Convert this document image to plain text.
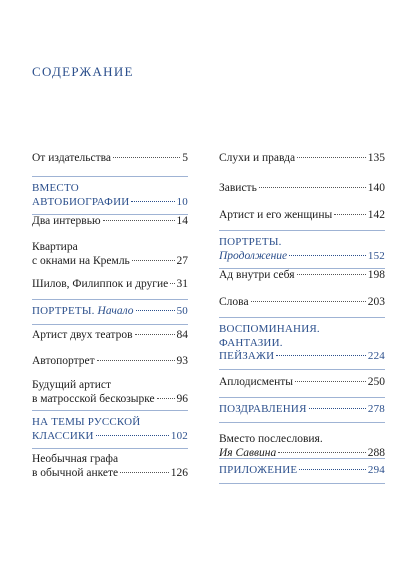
содержание
От издательства	5
ВМЕСТО
АВТОБИОГРАФИИ	10
Два интервью	14
Квартира
с окнами на Кремль	27
Шилов, Филиппок и другие 31
ПОРТРЕТЫ. Начало	50
Артист двух театров	84
Автопортрет	93
Будущий артист
в матросской бескозырке 96
НА ТЕМЫ РУССКОЙ
КЛАССИКИ	102
Необычная графа
в обычной анкете	126
Слухи и правда	135
Зависть	140
Артист и его женщины	142
ПОРТРЕТЫ.
Продолжение	152
Ад внутри себя	198
Слова	203
ВОСПОМИНАНИЯ.
ФАНТАЗИИ.
ПЕЙЗАЖИ	224
Аплодисменты	250
ПОЗДРАВЛЕНИЯ	278
Вместо послесловия.
Ия Саввина	288
ПРИЛОЖЕНИЕ	294
